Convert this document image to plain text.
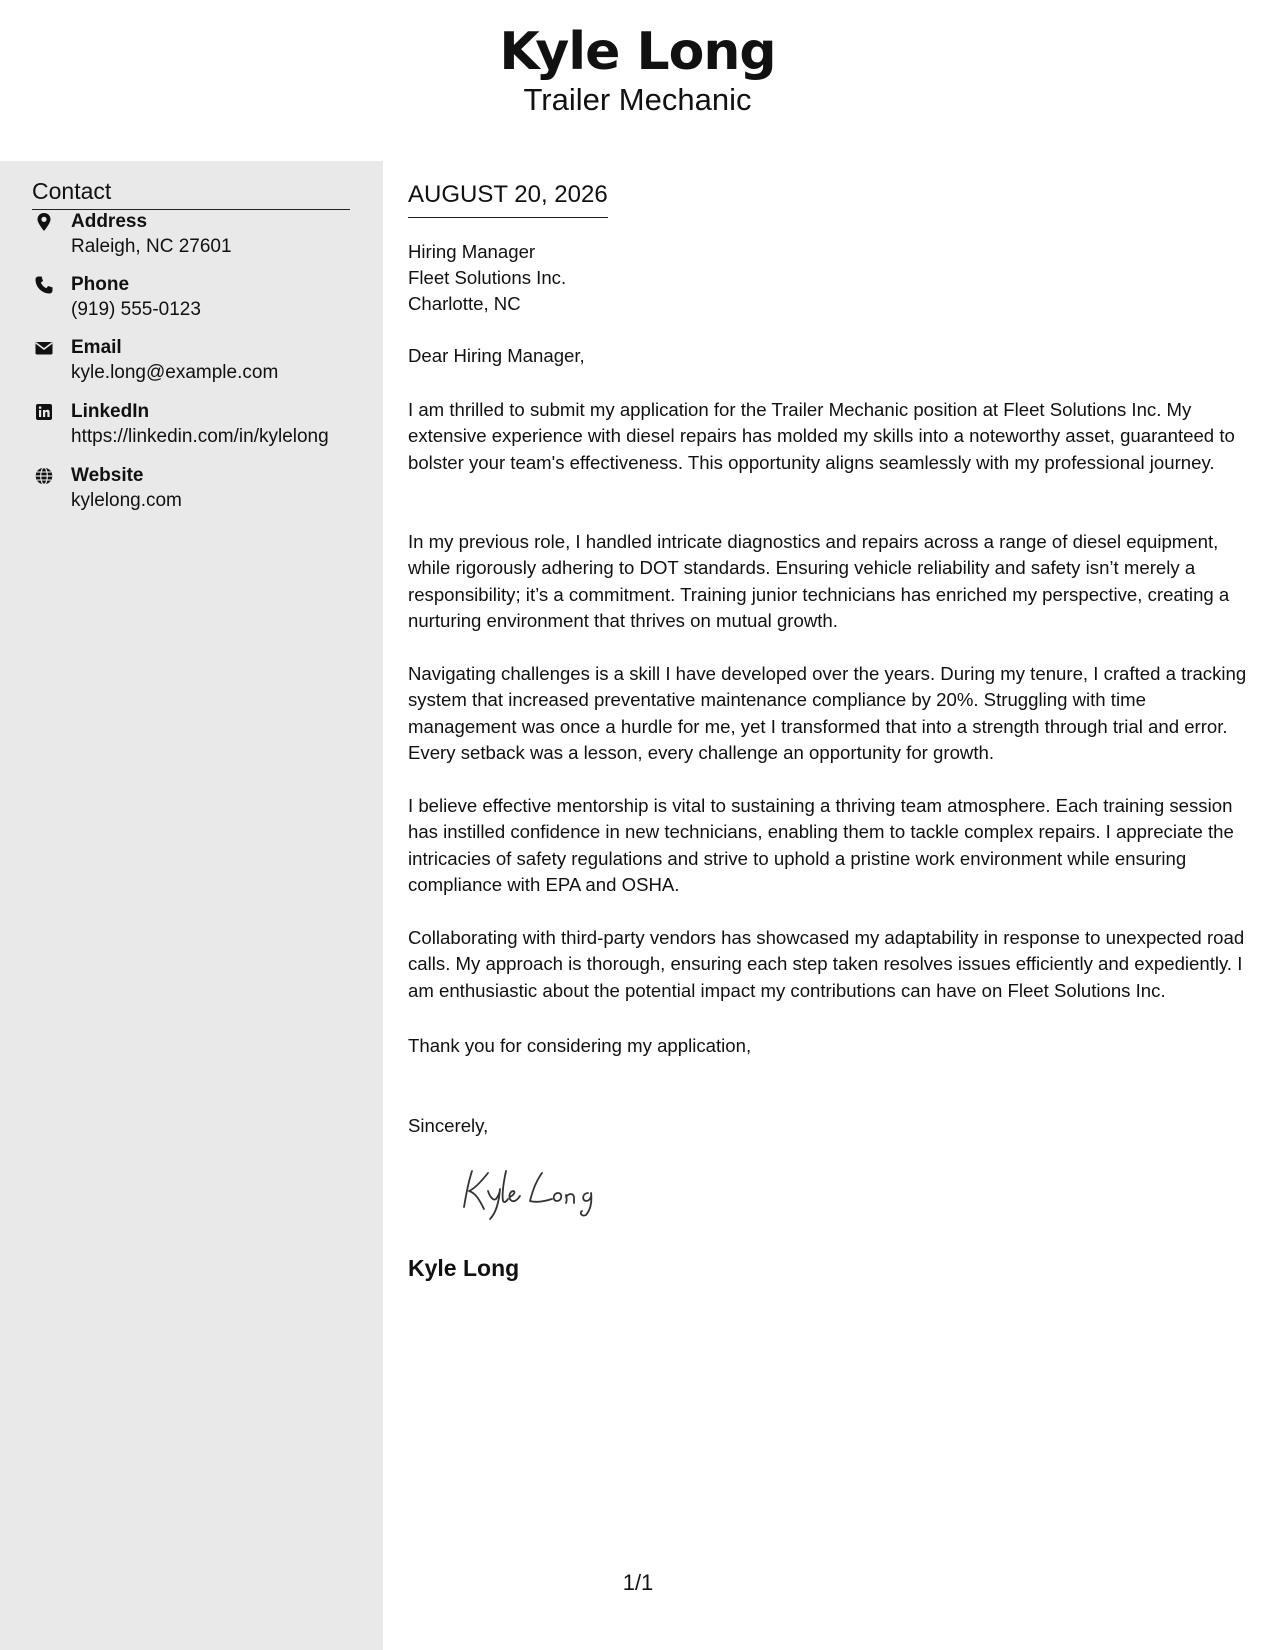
Kyle Long
Trailer Mechanic
Contact
Address
Raleigh, NC 27601
Phone
(919) 555-0123
Email
kyle.long@example.com
LinkedIn
https://linkedin.com/in/kylelong
Website
kylelong.com
AUGUST 20, 2026
Hiring Manager
Fleet Solutions Inc.
Charlotte, NC
Dear Hiring Manager,
I am thrilled to submit my application for the Trailer Mechanic position at Fleet Solutions Inc. My extensive experience with diesel repairs has molded my skills into a noteworthy asset, guaranteed to bolster your team's effectiveness. This opportunity aligns seamlessly with my professional journey.
In my previous role, I handled intricate diagnostics and repairs across a range of diesel equipment, while rigorously adhering to DOT standards. Ensuring vehicle reliability and safety isn’t merely a responsibility; it’s a commitment. Training junior technicians has enriched my perspective, creating a nurturing environment that thrives on mutual growth.
Navigating challenges is a skill I have developed over the years. During my tenure, I crafted a tracking system that increased preventative maintenance compliance by 20%. Struggling with time management was once a hurdle for me, yet I transformed that into a strength through trial and error. Every setback was a lesson, every challenge an opportunity for growth.
I believe effective mentorship is vital to sustaining a thriving team atmosphere. Each training session has instilled confidence in new technicians, enabling them to tackle complex repairs. I appreciate the intricacies of safety regulations and strive to uphold a pristine work environment while ensuring compliance with EPA and OSHA.
Collaborating with third-party vendors has showcased my adaptability in response to unexpected road calls. My approach is thorough, ensuring each step taken resolves issues efficiently and expediently. I am enthusiastic about the potential impact my contributions can have on Fleet Solutions Inc.
Thank you for considering my application,
Sincerely,
Kyle Long
1/1
